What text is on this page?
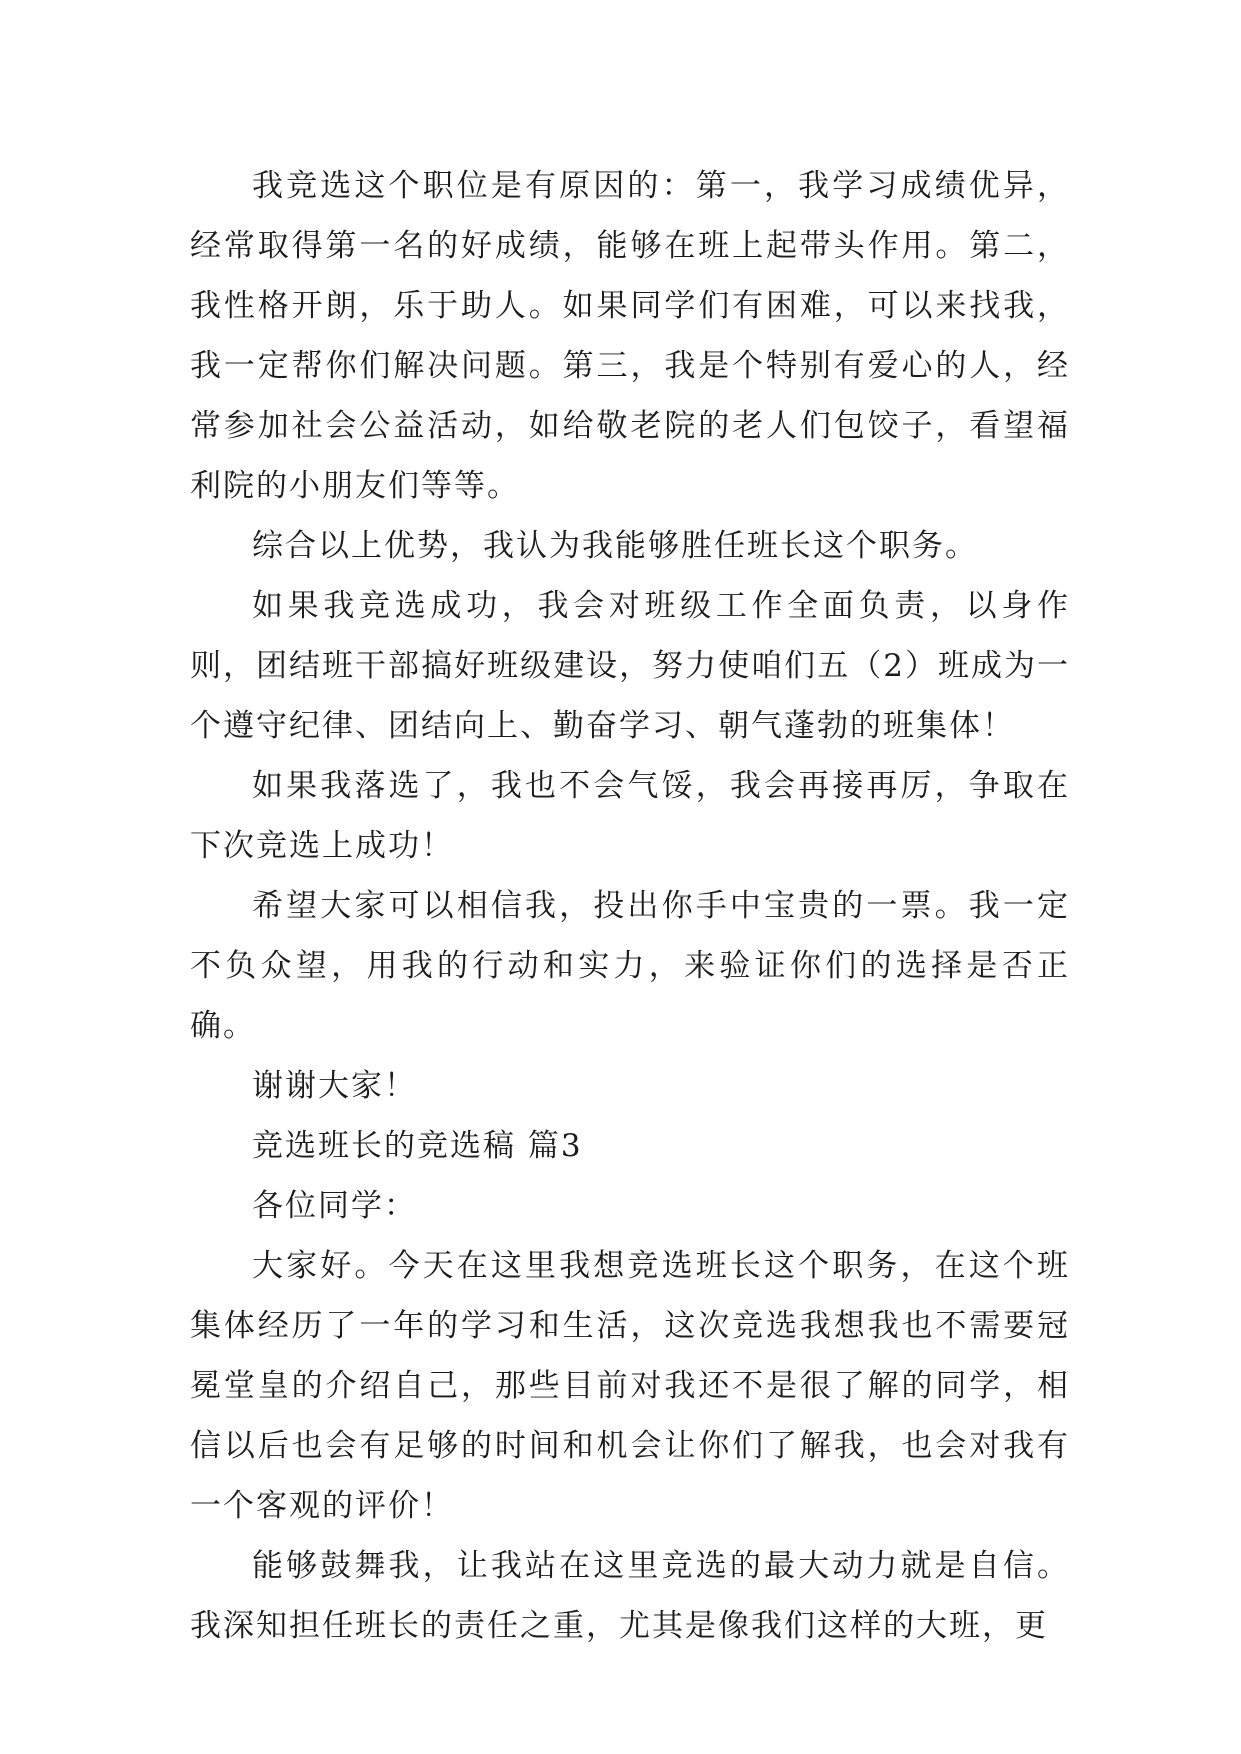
我竞选这个职位是有原因的：第一，我学习成绩优异，经常取得第一名的好成绩，能够在班上起带头作用。第二，我性格开朗，乐于助人。如果同学们有困难，可以来找我，我一定帮你们解决问题。第三，我是个特别有爱心的人，经常参加社会公益活动，如给敬老院的老人们包饺子，看望福利院的小朋友们等等。

综合以上优势，我认为我能够胜任班长这个职务。

如果我竞选成功，我会对班级工作全面负责，以身作则，团结班干部搞好班级建设，努力使咱们五（2）班成为一个遵守纪律、团结向上、勤奋学习、朝气蓬勃的班集体！

如果我落选了，我也不会气馁，我会再接再厉，争取在下次竞选上成功！

希望大家可以相信我，投出你手中宝贵的一票。我一定不负众望，用我的行动和实力，来验证你们的选择是否正确。

谢谢大家！

竞选班长的竞选稿 篇3

各位同学：

大家好。今天在这里我想竞选班长这个职务，在这个班集体经历了一年的学习和生活，这次竞选我想我也不需要冠冕堂皇的介绍自己，那些目前对我还不是很了解的同学，相信以后也会有足够的时间和机会让你们了解我，也会对我有一个客观的评价！

能够鼓舞我，让我站在这里竞选的最大动力就是自信。我深知担任班长的责任之重，尤其是像我们这样的大班，更
